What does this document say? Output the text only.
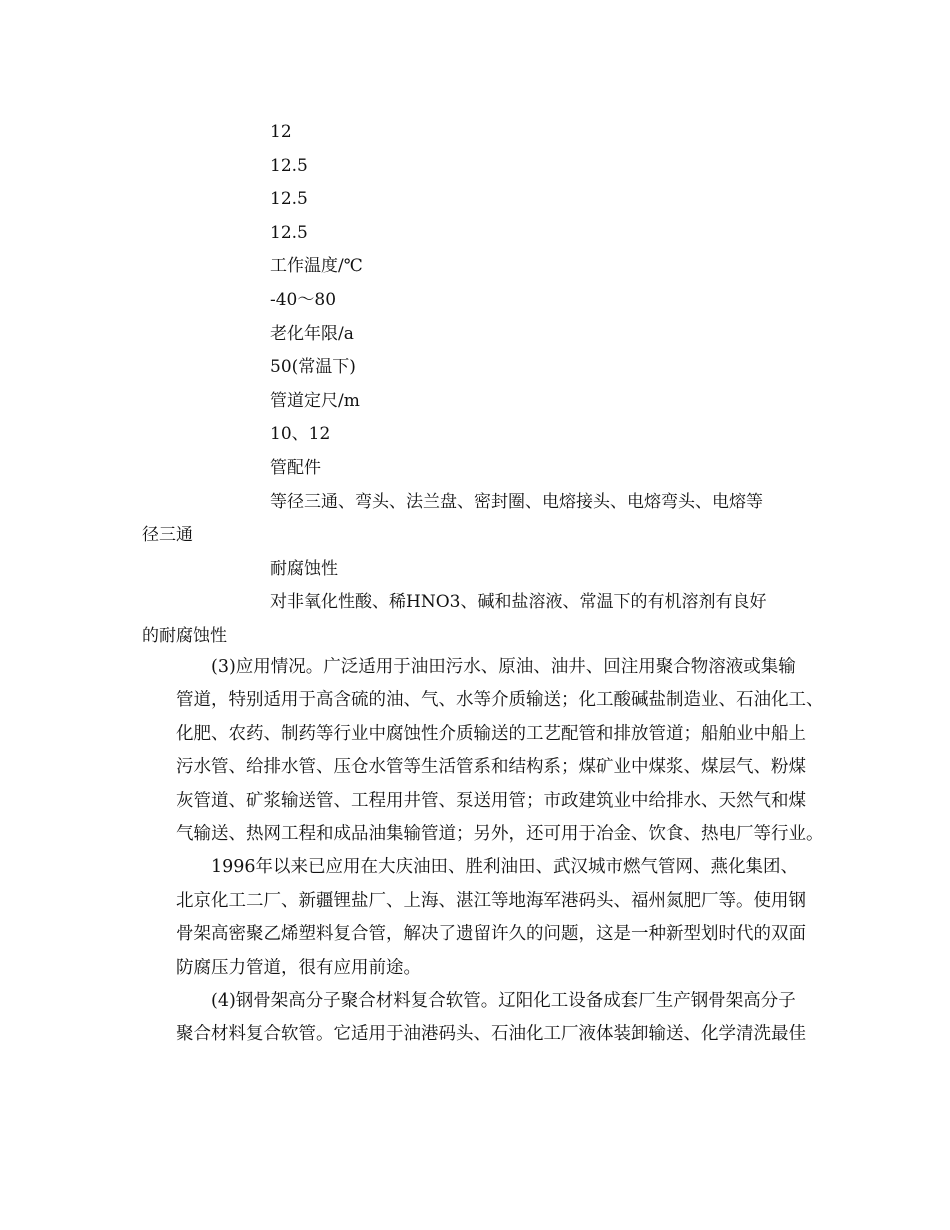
12
12.5
12.5
12.5
工作温度/℃
-40～80
老化年限/a
50(常温下)
管道定尺/m
10、12
管配件
等径三通、弯头、法兰盘、密封圈、电熔接头、电熔弯头、电熔等
径三通
耐腐蚀性
对非氧化性酸、稀HNO3、碱和盐溶液、常温下的有机溶剂有良好
的耐腐蚀性
(3)应用情况。广泛适用于油田污水、原油、油井、回注用聚合物溶液或集输
管道，特别适用于高含硫的油、气、水等介质输送；化工酸碱盐制造业、石油化工、
化肥、农药、制药等行业中腐蚀性介质输送的工艺配管和排放管道；船舶业中船上
污水管、给排水管、压仓水管等生活管系和结构系；煤矿业中煤浆、煤层气、粉煤
灰管道、矿浆输送管、工程用井管、泵送用管；市政建筑业中给排水、天然气和煤
气输送、热网工程和成品油集输管道；另外，还可用于冶金、饮食、热电厂等行业。
1996年以来已应用在大庆油田、胜利油田、武汉城市燃气管网、燕化集团、
北京化工二厂、新疆锂盐厂、上海、湛江等地海军港码头、福州氮肥厂等。使用钢
骨架高密聚乙烯塑料复合管，解决了遗留许久的问题，这是一种新型划时代的双面
防腐压力管道，很有应用前途。
(4)钢骨架高分子聚合材料复合软管。辽阳化工设备成套厂生产钢骨架高分子
聚合材料复合软管。它适用于油港码头、石油化工厂液体装卸输送、化学清洗最佳
